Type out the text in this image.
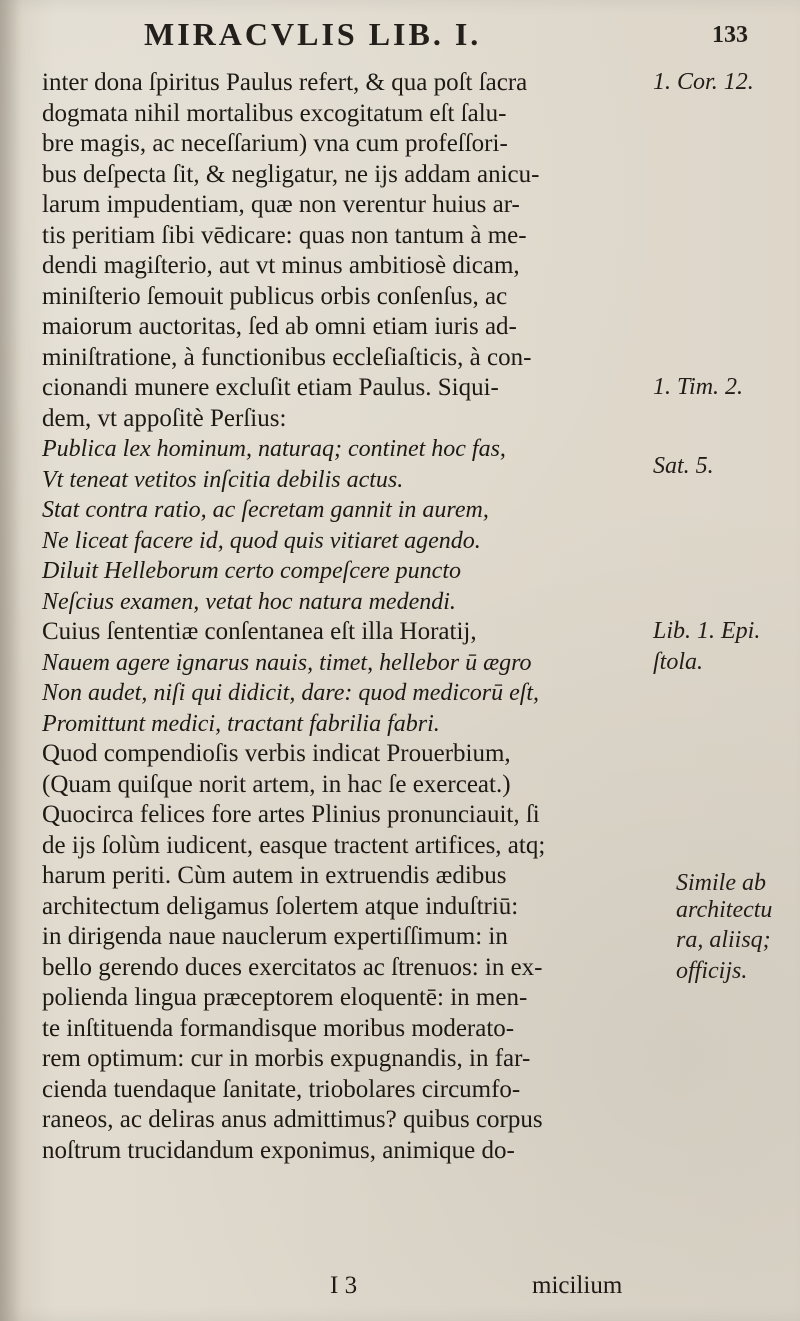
MIRACVLIS LIB. I.	133
inter dona ſpiritus Paulus refert, & qua poſt ſacra
dogmata nihil mortalibus excogitatum eſt ſalu-
bre magis, ac neceſſarium) vna cum profeſſori-
bus deſpecta ſit, & negligatur, ne ijs addam anicu-
larum impudentiam, quæ non verentur huius ar-
tis peritiam ſibi vēdicare: quas non tantum à me-
dendi magiſterio, aut vt minus ambitiosè dicam,
miniſterio ſemouit publicus orbis conſenſus, ac
maiorum auctoritas, ſed ab omni etiam iuris ad-
miniſtratione, à functionibus eccleſiaſticis, à con-
cionandi munere excluſit etiam Paulus. Siqui-
dem, vt appoſitè Perſius:
Publica lex hominum, naturaq; continet hoc fas,
Vt teneat vetitos inſcitia debilis actus.
Stat contra ratio, ac ſecretam gannit in aurem,
Ne liceat facere id, quod quis vitiaret agendo.
Diluit Helleborum certo compeſcere puncto
Neſcius examen, vetat hoc natura medendi.
Cuius ſententiæ conſentanea eſt illa Horatij,
Nauem agere ignarus nauis, timet, hellebor ū ægro
Non audet, niſi qui didicit, dare: quod medicorū eſt,
Promittunt medici, tractant fabrilia fabri.
Quod compendioſis verbis indicat Prouerbium,
(Quam quiſque norit artem, in hac ſe exerceat.)
Quocirca felices fore artes Plinius pronunciauit, ſi
de ijs ſolùm iudicent, easque tractent artifices, atq;
harum periti. Cùm autem in extruendis ædibus
architectum deligamus ſolertem atque induſtriū:
in dirigenda naue nauclerum expertiſſimum: in
bello gerendo duces exercitatos ac ſtrenuos: in ex-
polienda lingua præceptorem eloquentē: in men-
te inſtituenda formandisque moribus moderato-
rem optimum: cur in morbis expugnandis, in far-
cienda tuendaque ſanitate, triobolares circumfo-
raneos, ac deliras anus admittimus? quibus corpus
noſtrum trucidandum exponimus, animique do-
1. Cor. 12.
1. Tim. 2.
Sat. 5.
Lib. 1. Epi.
ſtola.
Simile ab
architectu
ra, aliisq;
officijs.
I 3	micilium
